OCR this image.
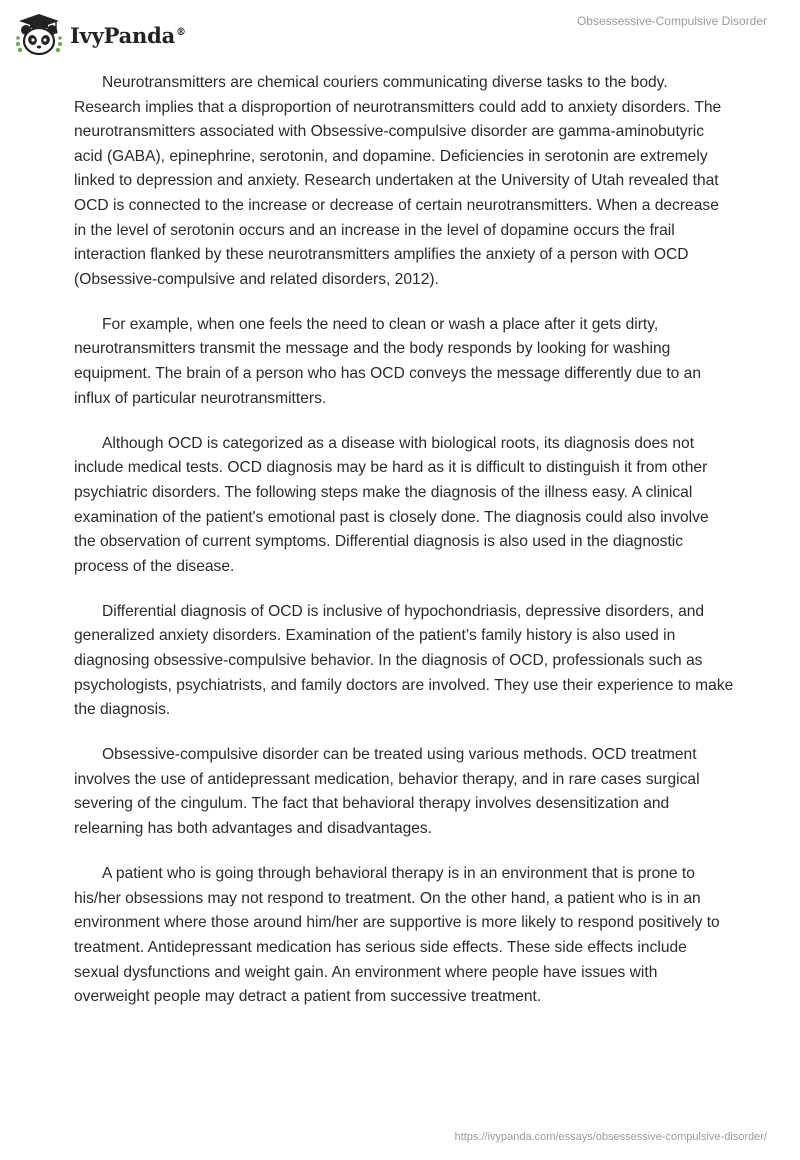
IvyPanda®
Obsessessive-Compulsive Disorder

Neurotransmitters are chemical couriers communicating diverse tasks to the body. Research implies that a disproportion of neurotransmitters could add to anxiety disorders. The neurotransmitters associated with Obsessive-compulsive disorder are gamma-aminobutyric acid (GABA), epinephrine, serotonin, and dopamine. Deficiencies in serotonin are extremely linked to depression and anxiety. Research undertaken at the University of Utah revealed that OCD is connected to the increase or decrease of certain neurotransmitters. When a decrease in the level of serotonin occurs and an increase in the level of dopamine occurs the frail interaction flanked by these neurotransmitters amplifies the anxiety of a person with OCD (Obsessive-compulsive and related disorders, 2012).

For example, when one feels the need to clean or wash a place after it gets dirty, neurotransmitters transmit the message and the body responds by looking for washing equipment. The brain of a person who has OCD conveys the message differently due to an influx of particular neurotransmitters.

Although OCD is categorized as a disease with biological roots, its diagnosis does not include medical tests. OCD diagnosis may be hard as it is difficult to distinguish it from other psychiatric disorders. The following steps make the diagnosis of the illness easy. A clinical examination of the patient's emotional past is closely done. The diagnosis could also involve the observation of current symptoms. Differential diagnosis is also used in the diagnostic process of the disease.

Differential diagnosis of OCD is inclusive of hypochondriasis, depressive disorders, and generalized anxiety disorders. Examination of the patient’s family history is also used in diagnosing obsessive-compulsive behavior. In the diagnosis of OCD, professionals such as psychologists, psychiatrists, and family doctors are involved. They use their experience to make the diagnosis.

Obsessive-compulsive disorder can be treated using various methods. OCD treatment involves the use of antidepressant medication, behavior therapy, and in rare cases surgical severing of the cingulum. The fact that behavioral therapy involves desensitization and relearning has both advantages and disadvantages.

A patient who is going through behavioral therapy is in an environment that is prone to his/her obsessions may not respond to treatment. On the other hand, a patient who is in an environment where those around him/her are supportive is more likely to respond positively to treatment. Antidepressant medication has serious side effects. These side effects include sexual dysfunctions and weight gain. An environment where people have issues with overweight people may detract a patient from successive treatment.

https://ivypanda.com/essays/obsessessive-compulsive-disorder/
